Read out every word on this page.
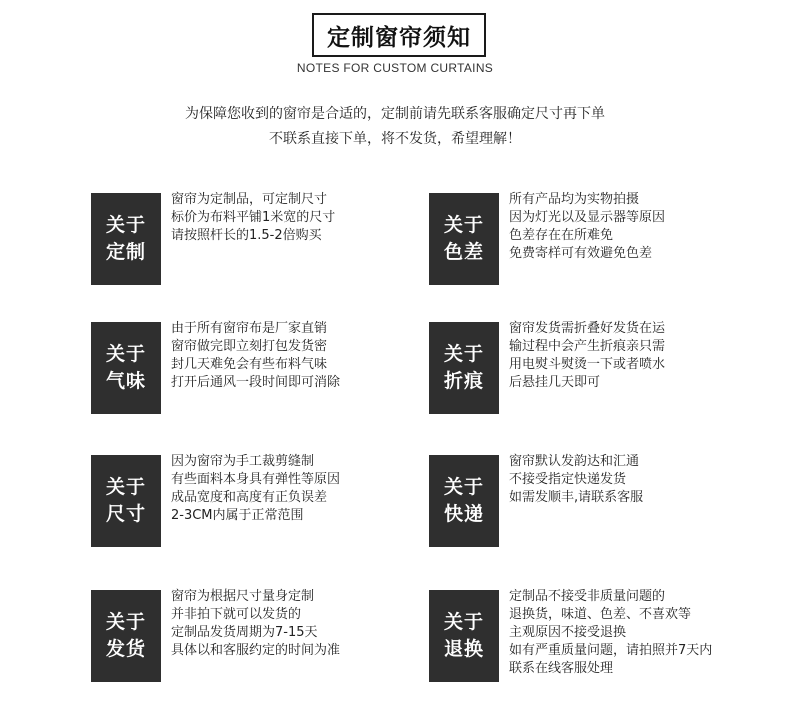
定制窗帘须知
NOTES FOR CUSTOM CURTAINS
为保障您收到的窗帘是合适的，定制前请先联系客服确定尺寸再下单
不联系直接下单，将不发货，希望理解！
关于
定制
窗帘为定制品，可定制尺寸
标价为布料平铺1米宽的尺寸
请按照杆长的1.5-2倍购买	关于
色差
所有产品均为实物拍摄
因为灯光以及显示器等原因
色差存在在所难免
免费寄样可有效避免色差
关于
气味
由于所有窗帘布是厂家直销
窗帘做完即立刻打包发货密
封几天难免会有些布料气味
打开后通风一段时间即可消除
关于
折痕
窗帘发货需折叠好发货在运
输过程中会产生折痕亲只需
用电熨斗熨烫一下或者喷水
后悬挂几天即可
关于
尺寸
因为窗帘为手工裁剪缝制
有些面料本身具有弹性等原因
成品宽度和高度有正负误差
2-3CM内属于正常范围
关于
快递
窗帘默认发韵达和汇通
不接受指定快递发货
如需发顺丰,请联系客服
关于
发货
窗帘为根据尺寸量身定制
并非拍下就可以发货的
定制品发货周期为7-15天
具体以和客服约定的时间为准
关于
退换
定制品不接受非质量问题的
退换货，味道、色差、不喜欢等
主观原因不接受退换
如有严重质量问题，请拍照并7天内
联系在线客服处理
